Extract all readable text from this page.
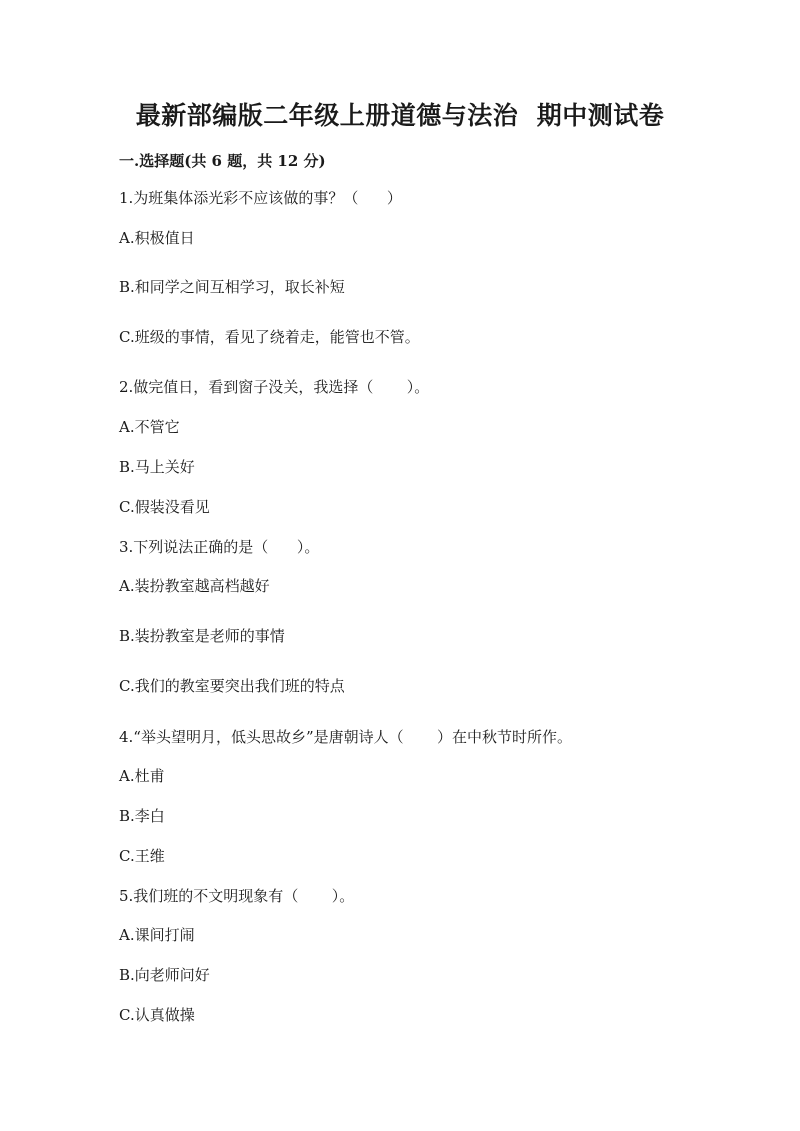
最新部编版二年级上册道德与法治  期中测试卷
一.选择题(共 6 题，共 12 分)
1.为班集体添光彩不应该做的事？（      ）
A.积极值日
B.和同学之间互相学习，取长补短
C.班级的事情，看见了绕着走，能管也不管。
2.做完值日，看到窗子没关，我选择（       ）。
A.不管它
B.马上关好
C.假装没看见
3.下列说法正确的是（      ）。
A.装扮教室越高档越好
B.装扮教室是老师的事情
C.我们的教室要突出我们班的特点
4.“举头望明月，低头思故乡”是唐朝诗人（       ）在中秋节时所作。
A.杜甫
B.李白
C.王维
5.我们班的不文明现象有（       ）。
A.课间打闹
B.向老师问好
C.认真做操
